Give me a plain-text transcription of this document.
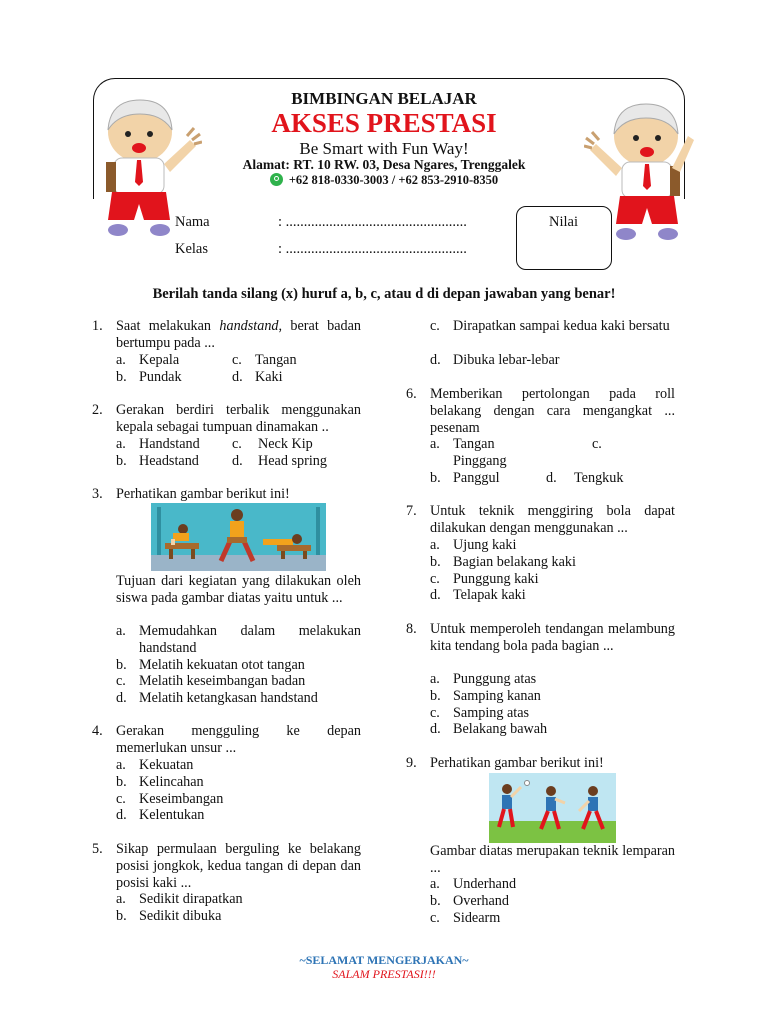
BIMBINGAN BELAJAR
AKSES PRESTASI
Be Smart with Fun Way!
Alamat: RT. 10 RW. 03, Desa Ngares, Trenggalek
+62 818-0330-3003 / +62 853-2910-8350
Nama	: ..................................................
Kelas	: ..................................................
Nilai
Berilah tanda silang (x) huruf a, b, c, atau d di depan jawaban yang benar!
1. Saat melakukan handstand, berat badan bertumpu pada ...
a. Kepala	c. Tangan
b. Pundak	d. Kaki
2. Gerakan berdiri terbalik menggunakan kepala sebagai tumpuan dinamakan ..
a. Handstand c. Neck Kip
b. Headstand d. Head spring
3. Perhatikan gambar berikut ini!
Tujuan dari kegiatan yang dilakukan oleh siswa pada gambar diatas yaitu untuk ...
a. Memudahkan dalam melakukan handstand
b. Melatih kekuatan otot tangan
c. Melatih keseimbangan badan
d. Melatih ketangkasan handstand
4. Gerakan mengguling ke depan memerlukan unsur ...
a. Kekuatan
b. Kelincahan
c. Keseimbangan
d. Kelentukan
5. Sikap permulaan berguling ke belakang posisi jongkok, kedua tangan di depan dan posisi kaki ...
a. Sedikit dirapatkan
b. Sedikit dibuka
c. Dirapatkan sampai kedua kaki bersatu
d. Dibuka lebar-lebar
6. Memberikan pertolongan pada roll belakang dengan cara mengangkat ... pesenam
a. Tangan	c.
Pinggang
b. Panggul	d. Tengkuk
7. Untuk teknik menggiring bola dapat dilakukan dengan menggunakan ...
a. Ujung kaki
b. Bagian belakang kaki
c. Punggung kaki
d. Telapak kaki
8. Untuk memperoleh tendangan melambung kita tendang bola pada bagian ...
a. Punggung atas
b. Samping kanan
c. Samping atas
d. Belakang bawah
9. Perhatikan gambar berikut ini!
Gambar diatas merupakan teknik lemparan ...
a. Underhand
b. Overhand
c. Sidearm
~SELAMAT MENGERJAKAN~
SALAM PRESTASI!!!
